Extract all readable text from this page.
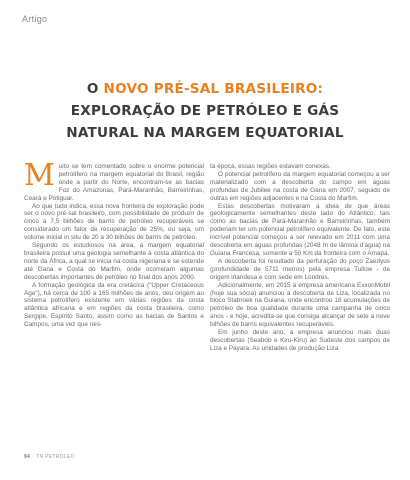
Artigo
O NOVO PRÉ-SAL BRASILEIRO:
EXPLORAÇÃO DE PETRÓLEO E GÁS
NATURAL NA MARGEM EQUATORIAL

Muito se tem comentado sobre o enorme potencial petrolífero na margem equatorial do Brasil, região onde a partir do Norte, encontram-se as bacias Foz do Amazonas, Pará-Maranhão, Barreirinhas, Ceará e Potiguar.

Ao que tudo indica, essa nova fronteira de exploração pode ser o novo pré-sal brasileiro, com possibilidade de produzir de cinco a 7,5 bilhões de barris de petróleo recuperáveis se considerado um fator de recuperação de 25%, ou seja, um volume inicial in situ de 20 a 30 bilhões de barris de petróleo.

Segundo os estudiosos na área, a margem equatorial brasileira possui uma geologia semelhante à costa atlântica do norte da África, a qual se inicia na costa nigeriana e se estende até Gana e Costa do Marfim, onde ocorreram algumas descobertas importantes de petróleo no final dos anos 2000.

A formação geológica da era cretácica ("Upper Cretaceous Age"), há cerca de 100 a 165 milhões de anos, deu origem ao sistema petrolífero existente em várias regiões da costa atlântica africana e em regiões da costa brasileira, como Sergipe, Espírito Santo, assim como as bacias de Santos e Campos, uma vez que nes-

ta época, essas regiões estavam conexas.

O potencial petrolífero da margem equatorial começou a ser materializado com a descoberta do campo em águas profundas de Jubilee na costa de Gana em 2007, seguido de outras em regiões adjacentes e na Costa do Marfim.

Estas descobertas motivaram a ideia de que áreas geologicamente semelhantes deste lado do Atlântico, tais como as bacias de Pará-Maranhão e Barreirinhas, também poderiam ter um potencial petrolífero equivalente. De fato, este incrível potencial começou a ser relevado em 2011 com uma descoberta em águas profundas (2048 m de lâmina d'água) na Guiana Francesa, somente a 50 Km da fronteira com o Amapá.

A descoberta foi resultado da perfuração do poço Zaedyus (profundidade de 5711 metros) pela empresa Tullow - de origem irlandesa e com sede em Londres.

Adicionalmente, em 2015 a empresa americana ExxonMobil (hoje sua sócia) anunciou a descoberta de Liza, localizada no bloco Stabroek na Guiana, onde encontrou 18 acumulações de petróleo de boa qualidade durante uma campanha de cinco anos - e hoje, acredita-se que consiga alcançar de sete a nove bilhões de barris equivalentes recuperáveis.

Em junho deste ano, a empresa anunciou mais duas descobertas (Seabob e Kiru-Kiru) ao Sudeste dos campos de Liza e Payara. As unidades de produção Liza

94 TN PETRÓLEO
